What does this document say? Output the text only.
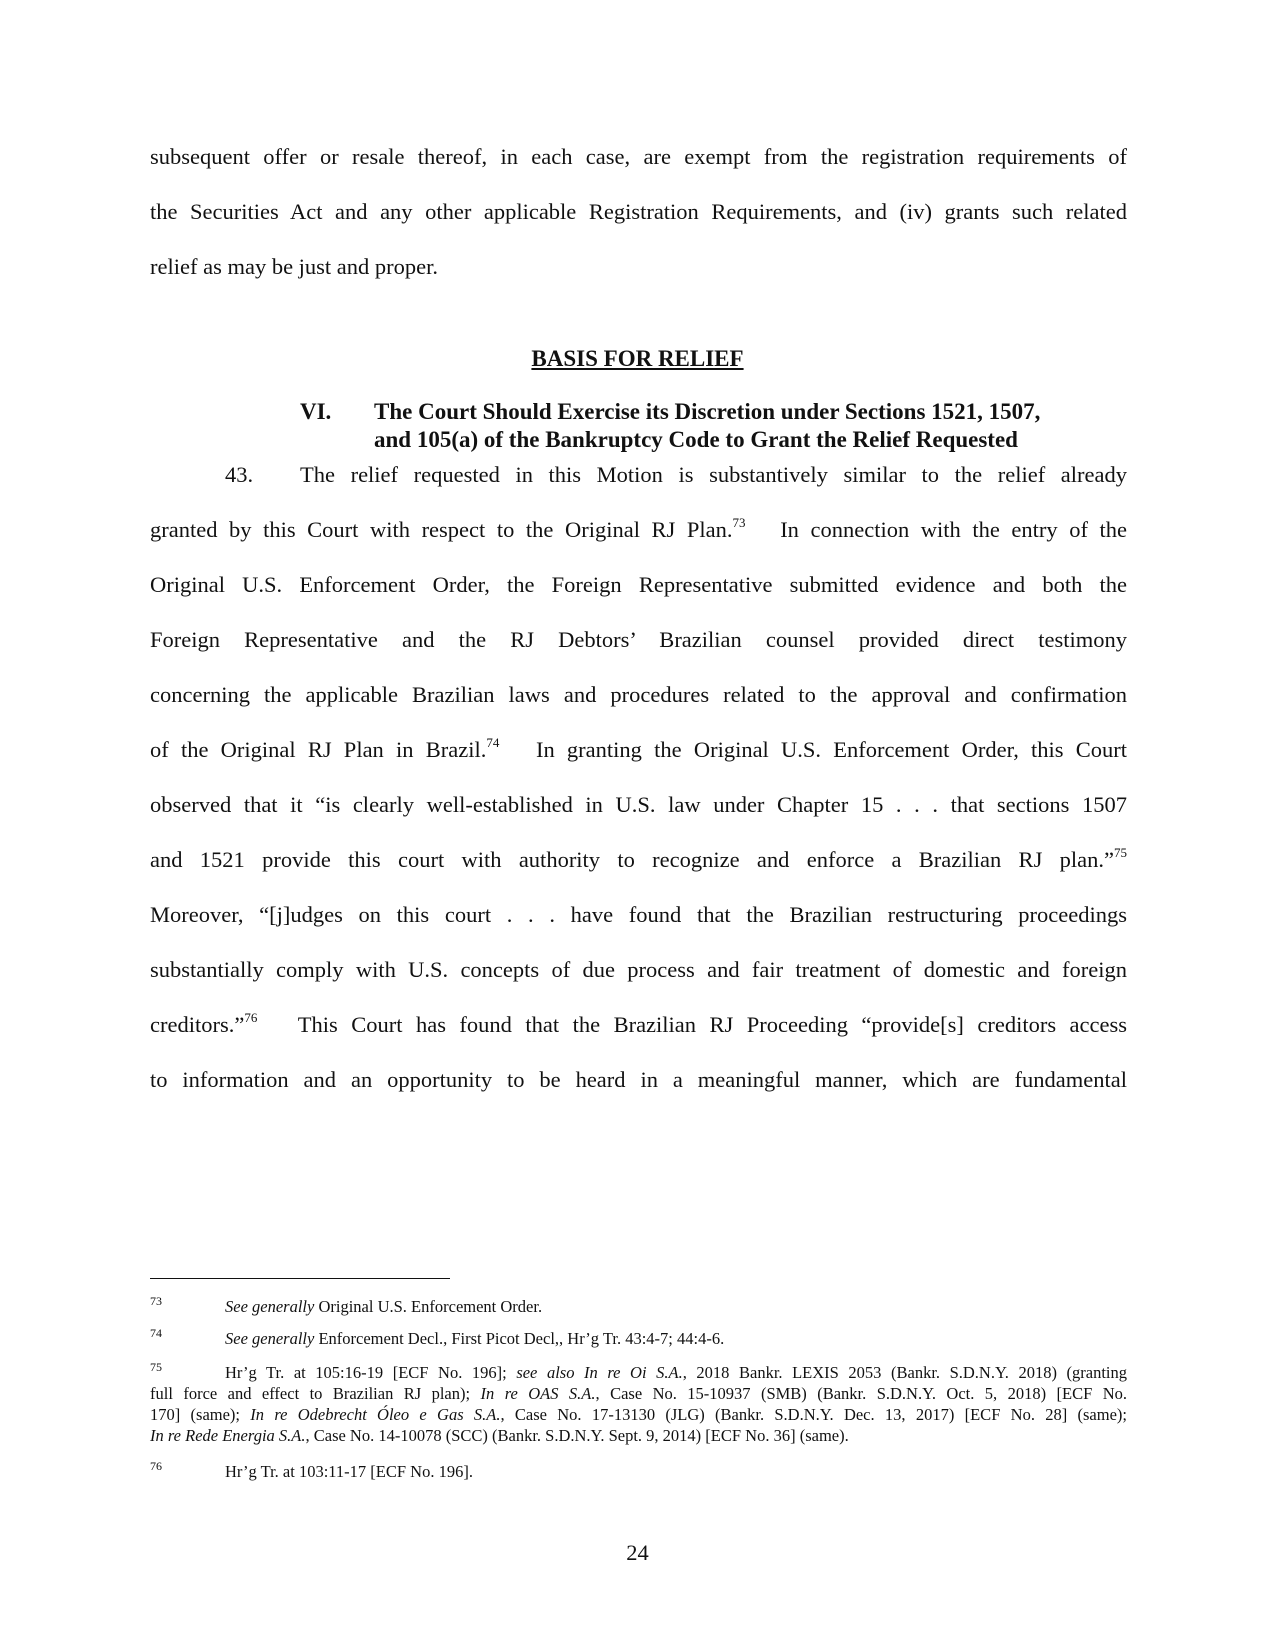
subsequent offer or resale thereof, in each case, are exempt from the registration requirements of
the Securities Act and any other applicable Registration Requirements, and (iv) grants such related
relief as may be just and proper.
BASIS FOR RELIEF
VI. The Court Should Exercise its Discretion under Sections 1521, 1507,
and 105(a) of the Bankruptcy Code to Grant the Relief Requested
43.	The relief requested in this Motion is substantively similar to the relief already
granted by this Court with respect to the Original RJ Plan.$^{73}$ In connection with the entry of the
Original U.S. Enforcement Order, the Foreign Representative submitted evidence and both the
Foreign Representative and the RJ Debtors’ Brazilian counsel provided direct testimony
concerning the applicable Brazilian laws and procedures related to the approval and confirmation
of the Original RJ Plan in Brazil.$^{74}$ In granting the Original U.S. Enforcement Order, this Court
observed that it “is clearly well-established in U.S. law under Chapter 15 . . . that sections 1507
and 1521 provide this court with authority to recognize and enforce a Brazilian RJ plan.”$^{75}$
Moreover, “[j]udges on this court . . . have found that the Brazilian restructuring proceedings
substantially comply with U.S. concepts of due process and fair treatment of domestic and foreign
creditors.”$^{76}$ This Court has found that the Brazilian RJ Proceeding “provide[s] creditors access
to information and an opportunity to be heard in a meaningful manner, which are fundamental
73	See generally Original U.S. Enforcement Order.
74	See generally Enforcement Decl., First Picot Decl,, Hr’g Tr. 43:4-7; 44:4-6.
75	Hr’g Tr. at 105:16-19 [ECF No. 196]; see also In re Oi S.A., 2018 Bankr. LEXIS 2053 (Bankr. S.D.N.Y. 2018) (granting
full force and effect to Brazilian RJ plan); In re OAS S.A., Case No. 15-10937 (SMB) (Bankr. S.D.N.Y. Oct. 5, 2018) [ECF No.
170] (same); In re Odebrecht Óleo e Gas S.A., Case No. 17-13130 (JLG) (Bankr. S.D.N.Y. Dec. 13, 2017) [ECF No. 28] (same);
In re Rede Energia S.A., Case No. 14-10078 (SCC) (Bankr. S.D.N.Y. Sept. 9, 2014) [ECF No. 36] (same).
76	Hr’g Tr. at 103:11-17 [ECF No. 196].
24
